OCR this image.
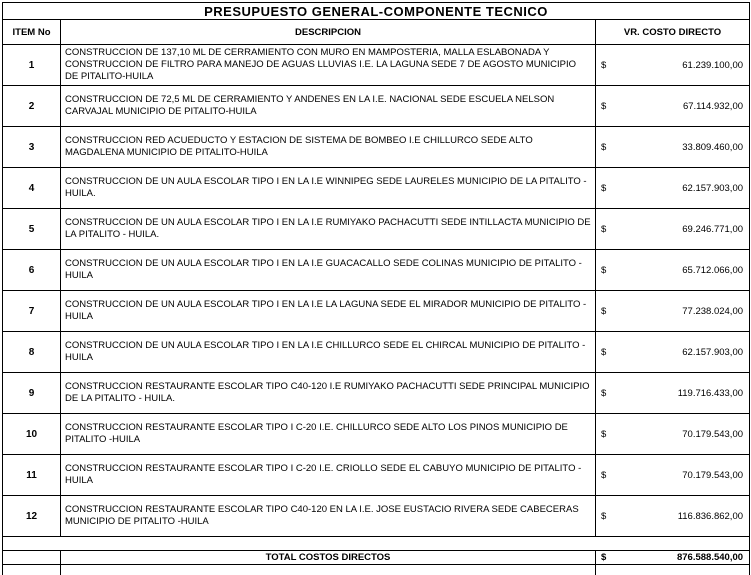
PRESUPUESTO GENERAL-COMPONENTE TECNICO		
ITEM No	DESCRIPCION	VR. COSTO DIRECTO
1	CONSTRUCCION DE 137,10 ML DE CERRAMIENTO CON MURO EN MAMPOSTERIA, MALLA ESLABONADA Y CONSTRUCCION DE FILTRO PARA MANEJO DE AGUAS LLUVIAS I.E. LA LAGUNA SEDE 7 DE AGOSTO MUNICIPIO DE PITALITO-HUILA	$ 61.239.100,00

2	CONSTRUCCION DE 72,5 ML DE CERRAMIENTO Y ANDENES EN LA I.E. NACIONAL SEDE ESCUELA NELSON CARVAJAL MUNICIPIO DE PITALITO-HUILA	$ 67.114.932,00

3	CONSTRUCCION RED ACUEDUCTO Y ESTACION DE SISTEMA DE BOMBEO I.E CHILLURCO SEDE ALTO MAGDALENA MUNICIPIO DE PITALITO-HUILA	$ 33.809.460,00

4	CONSTRUCCION DE UN AULA ESCOLAR TIPO I EN LA I.E WINNIPEG SEDE LAURELES MUNICIPIO DE LA PITALITO - HUILA.	$ 62.157.903,00

5	CONSTRUCCION DE UN AULA ESCOLAR TIPO I EN LA I.E RUMIYAKO PACHACUTTI SEDE INTILLACTA MUNICIPIO DE LA PITALITO - HUILA.	$ 69.246.771,00

6	CONSTRUCCION DE UN AULA ESCOLAR TIPO I EN LA I.E GUACACALLO SEDE COLINAS MUNICIPIO DE PITALITO - HUILA	$ 65.712.066,00

7	CONSTRUCCION DE UN AULA ESCOLAR TIPO I EN LA I.E LA LAGUNA SEDE EL MIRADOR MUNICIPIO DE PITALITO - HUILA	$ 77.238.024,00

8	CONSTRUCCION DE UN AULA ESCOLAR TIPO I EN LA I.E CHILLURCO SEDE EL CHIRCAL MUNICIPIO DE PITALITO - HUILA	$ 62.157.903,00

9	CONSTRUCCION RESTAURANTE ESCOLAR TIPO C40-120 I.E RUMIYAKO PACHACUTTI SEDE PRINCIPAL MUNICIPIO DE LA PITALITO - HUILA.	$ 119.716.433,00

10	CONSTRUCCION RESTAURANTE ESCOLAR TIPO I C-20 I.E. CHILLURCO SEDE ALTO LOS PINOS MUNICIPIO DE PITALITO -HUILA	$ 70.179.543,00

11	CONSTRUCCION RESTAURANTE ESCOLAR TIPO I C-20 I.E. CRIOLLO SEDE EL CABUYO MUNICIPIO DE PITALITO -HUILA	$ 70.179.543,00

12	CONSTRUCCION RESTAURANTE ESCOLAR TIPO C40-120 EN LA I.E. JOSE EUSTACIO RIVERA SEDE CABECERAS MUNICIPIO DE PITALITO -HUILA	$ 116.836.862,00

	TOTAL COSTOS DIRECTOS	$ 876.588.540,00
